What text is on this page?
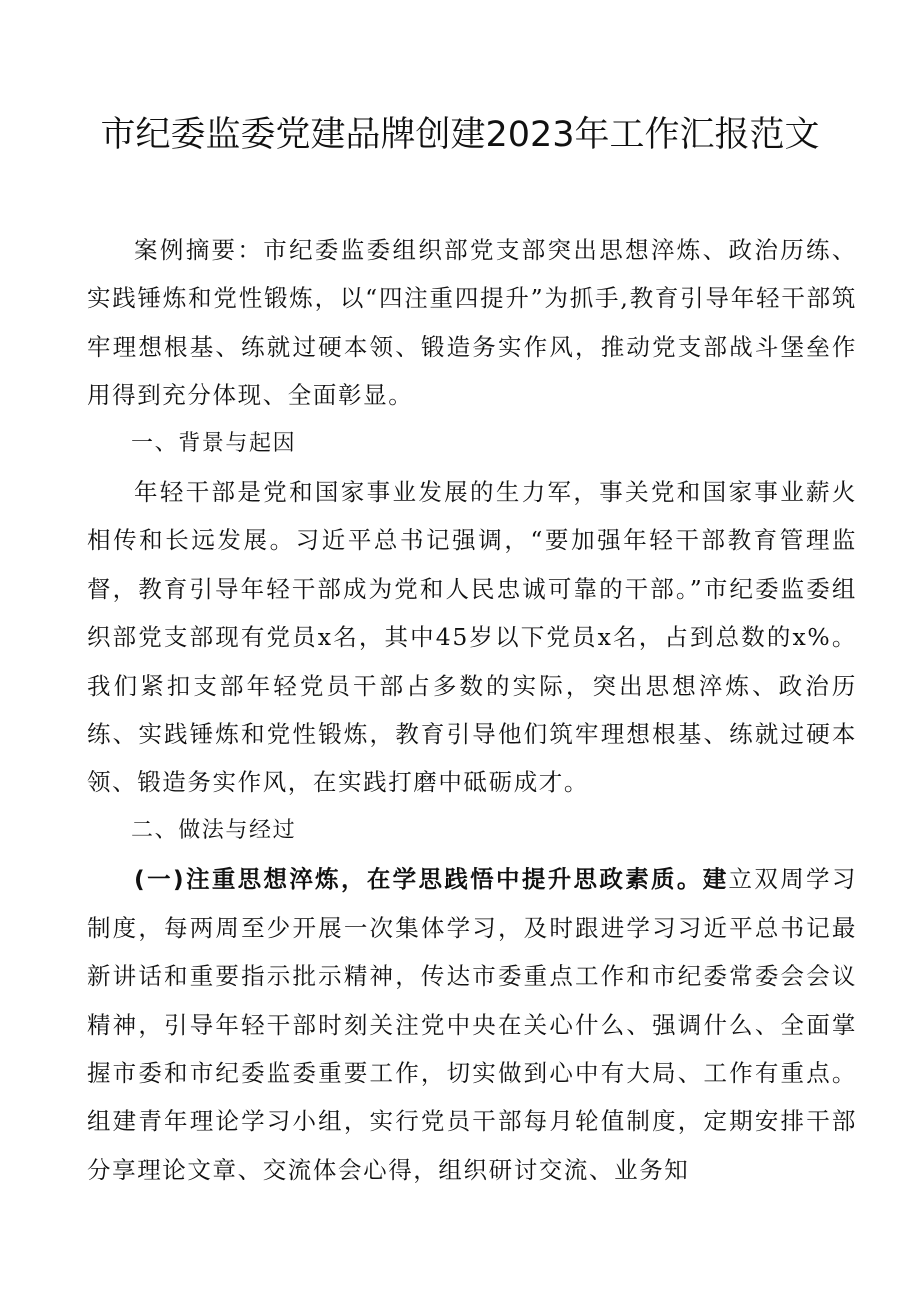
市纪委监委党建品牌创建2023年工作汇报范文

案例摘要：市纪委监委组织部党支部突出思想淬炼、政治历练、实践锤炼和党性锻炼，以“四注重四提升”为抓手,教育引导年轻干部筑牢理想根基、练就过硬本领、锻造务实作风，推动党支部战斗堡垒作用得到充分体现、全面彰显。

一、背景与起因

年轻干部是党和国家事业发展的生力军，事关党和国家事业薪火相传和长远发展。习近平总书记强调，“要加强年轻干部教育管理监督，教育引导年轻干部成为党和人民忠诚可靠的干部。”市纪委监委组织部党支部现有党员x名，其中45岁以下党员x名，占到总数的x%。我们紧扣支部年轻党员干部占多数的实际，突出思想淬炼、政治历练、实践锤炼和党性锻炼，教育引导他们筑牢理想根基、练就过硬本领、锻造务实作风，在实践打磨中砥砺成才。

二、做法与经过

(一)注重思想淬炼，在学思践悟中提升思政素质。建立双周学习制度，每两周至少开展一次集体学习，及时跟进学习习近平总书记最新讲话和重要指示批示精神，传达市委重点工作和市纪委常委会会议精神，引导年轻干部时刻关注党中央在关心什么、强调什么、全面掌握市委和市纪委监委重要工作，切实做到心中有大局、工作有重点。组建青年理论学习小组，实行党员干部每月轮值制度，定期安排干部分享理论文章、交流体会心得，组织研讨交流、业务知
